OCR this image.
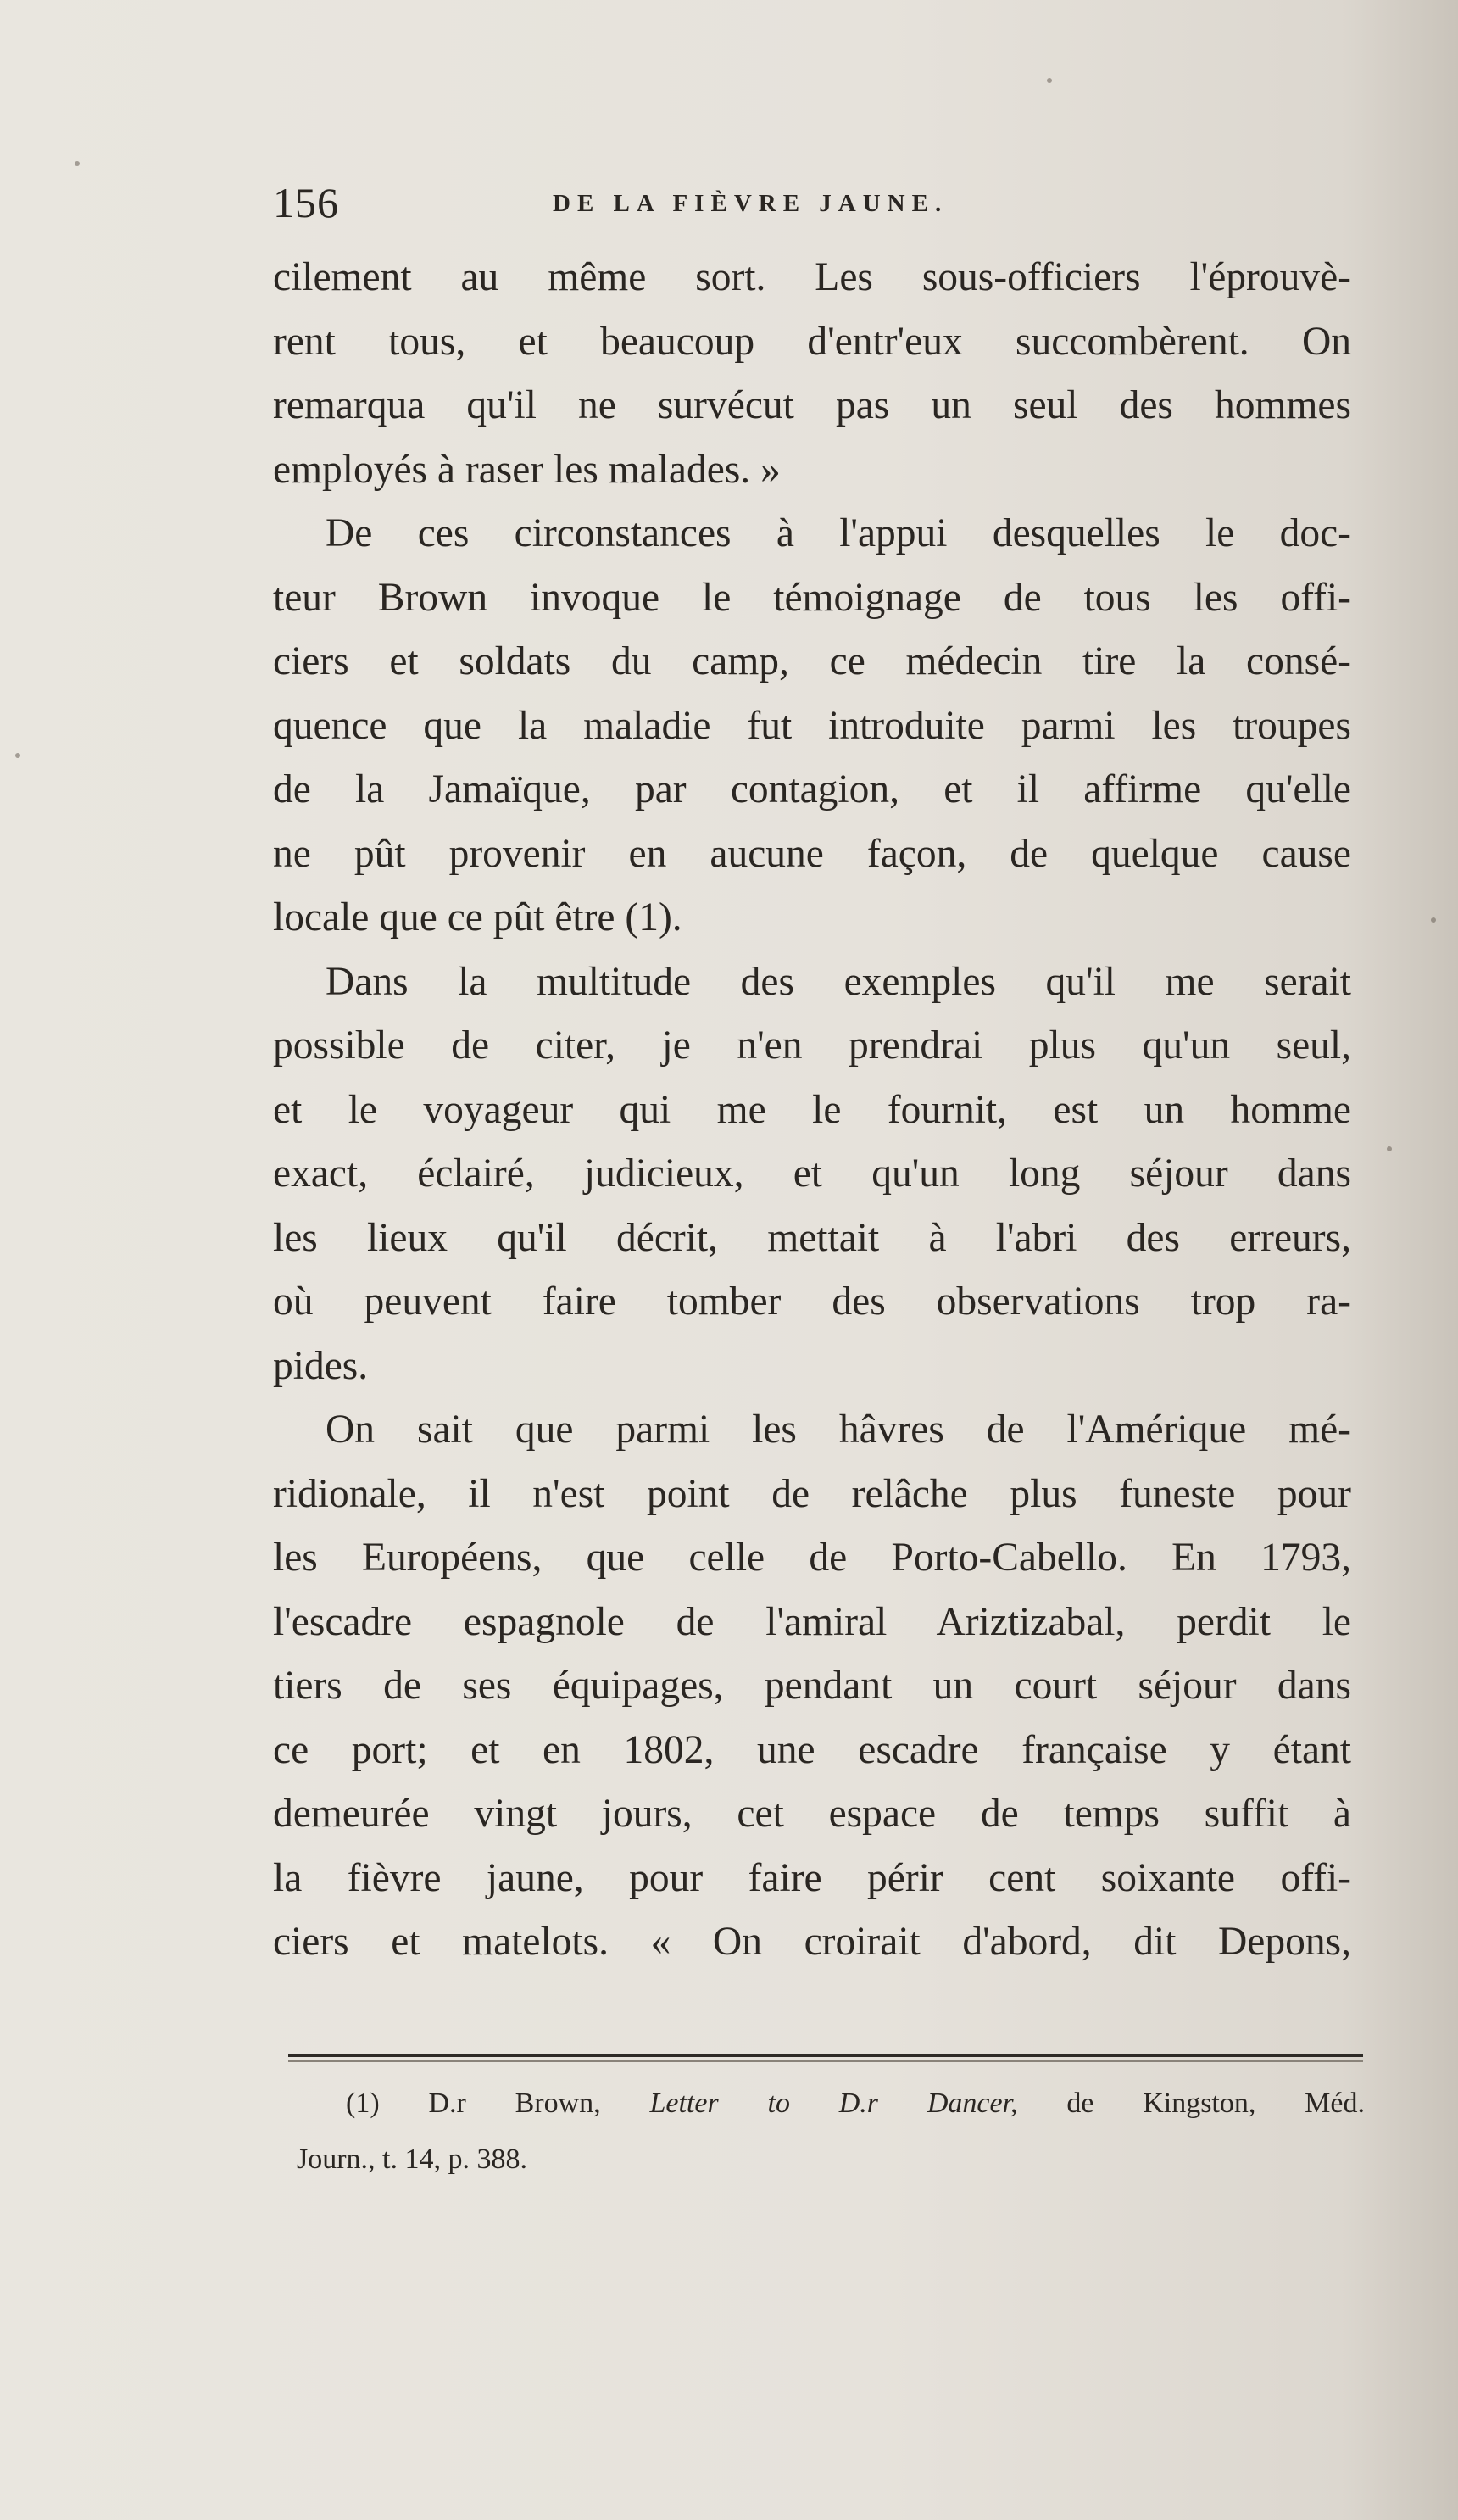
156	DE LA FIÈVRE JAUNE.
cilement au même sort. Les sous-officiers l'éprouvè-
rent tous, et beaucoup d'entr'eux succombèrent. On
remarqua qu'il ne survécut pas un seul des hommes
employés à raser les malades. »
De ces circonstances à l'appui desquelles le doc-
teur Brown invoque le témoignage de tous les offi-
ciers et soldats du camp, ce médecin tire la consé-
quence que la maladie fut introduite parmi les troupes
de la Jamaïque, par contagion, et il affirme qu'elle
ne pût provenir en aucune façon, de quelque cause
locale que ce pût être (1).
Dans la multitude des exemples qu'il me serait
possible de citer, je n'en prendrai plus qu'un seul,
et le voyageur qui me le fournit, est un homme
exact, éclairé, judicieux, et qu'un long séjour dans
les lieux qu'il décrit, mettait à l'abri des erreurs,
où peuvent faire tomber des observations trop ra-
pides.
On sait que parmi les hâvres de l'Amérique mé-
ridionale, il n'est point de relâche plus funeste pour
les Européens, que celle de Porto-Cabello. En 1793,
l'escadre espagnole de l'amiral Ariztizabal, perdit le
tiers de ses équipages, pendant un court séjour dans
ce port; et en 1802, une escadre française y étant
demeurée vingt jours, cet espace de temps suffit à
la fièvre jaune, pour faire périr cent soixante offi-
ciers et matelots. « On croirait d'abord, dit Depons,
(1) D.r Brown, Letter to D.r Dancer, de Kingston, Méd.
Journ., t. 14, p. 388.
